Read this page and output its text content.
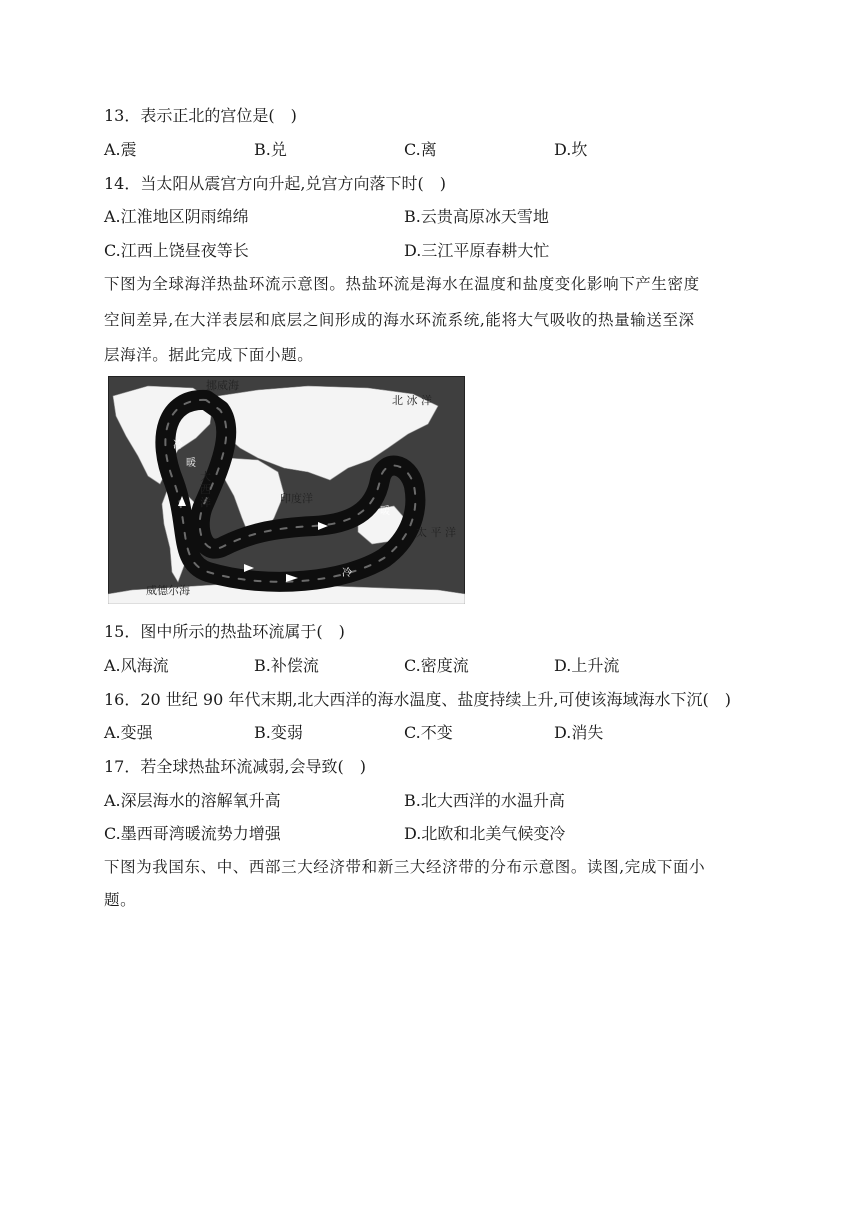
13．表示正北的宫位是(　)
A.震	B.兑	C.离	D.坎
14．当太阳从震宫方向升起,兑宫方向落下时(　)
A.江淮地区阴雨绵绵	B.云贵高原冰天雪地
C.江西上饶昼夜等长	D.三江平原春耕大忙
下图为全球海洋热盐环流示意图。热盐环流是海水在温度和盐度变化影响下产生密度
空间差异,在大洋表层和底层之间形成的海水环流系统,能将大气吸收的热量输送至深
层海洋。据此完成下面小题。
挪威海
北 冰 洋
大
西
洋	印度洋
太 平 洋
威德尔海
暖
冷
暖
冷
15．图中所示的热盐环流属于(　)
A.风海流	B.补偿流	C.密度流	D.上升流
16．20 世纪 90 年代末期,北大西洋的海水温度、盐度持续上升,可使该海域海水下沉(　)
A.变强	B.变弱	C.不变	D.消失
17．若全球热盐环流减弱,会导致(　)
A.深层海水的溶解氧升高	B.北大西洋的水温升高
C.墨西哥湾暖流势力增强	D.北欧和北美气候变冷
下图为我国东、中、西部三大经济带和新三大经济带的分布示意图。读图,完成下面小
题。
